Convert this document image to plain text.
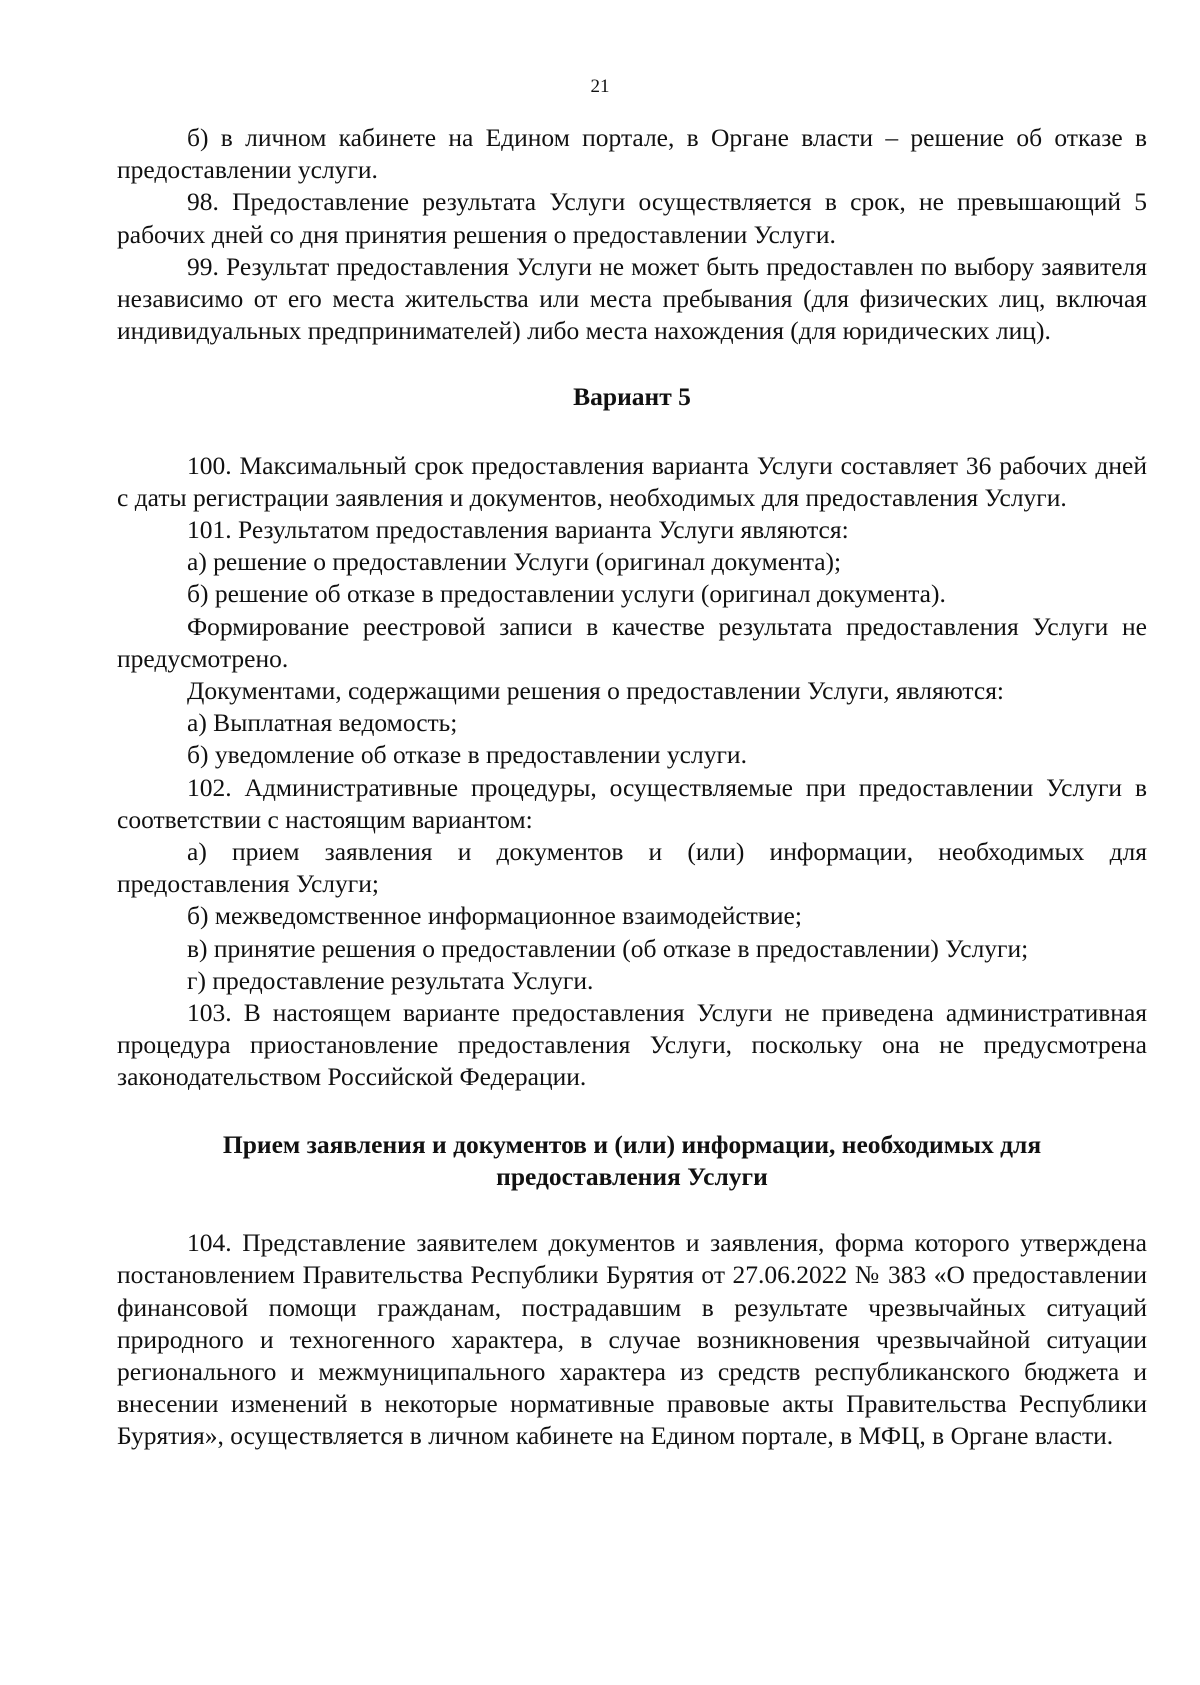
21

б) в личном кабинете на Едином портале, в Органе власти – решение об отказе в предоставлении услуги.

98. Предоставление результата Услуги осуществляется в срок, не превышающий 5 рабочих дней со дня принятия решения о предоставлении Услуги.

99. Результат предоставления Услуги не может быть предоставлен по выбору заявителя независимо от его места жительства или места пребывания (для физических лиц, включая индивидуальных предпринимателей) либо места нахождения (для юридических лиц).

Вариант 5

100. Максимальный срок предоставления варианта Услуги составляет 36 рабочих дней с даты регистрации заявления и документов, необходимых для предоставления Услуги.

101. Результатом предоставления варианта Услуги являются:

а) решение о предоставлении Услуги (оригинал документа);

б) решение об отказе в предоставлении услуги (оригинал документа).

Формирование реестровой записи в качестве результата предоставления Услуги не предусмотрено.

Документами, содержащими решения о предоставлении Услуги, являются:

а) Выплатная ведомость;

б) уведомление об отказе в предоставлении услуги.

102. Административные процедуры, осуществляемые при предоставлении Услуги в соответствии с настоящим вариантом:

а) прием заявления и документов и (или) информации, необходимых для предоставления Услуги;

б) межведомственное информационное взаимодействие;

в) принятие решения о предоставлении (об отказе в предоставлении) Услуги;

г) предоставление результата Услуги.

103. В настоящем варианте предоставления Услуги не приведена административная процедура приостановление предоставления Услуги, поскольку она не предусмотрена законодательством Российской Федерации.

Прием заявления и документов и (или) информации, необходимых для предоставления Услуги

104. Представление заявителем документов и заявления, форма которого утверждена постановлением Правительства Республики Бурятия от 27.06.2022 № 383 «О предоставлении финансовой помощи гражданам, пострадавшим в результате чрезвычайных ситуаций природного и техногенного характера, в случае возникновения чрезвычайной ситуации регионального и межмуниципального характера из средств республиканского бюджета и внесении изменений в некоторые нормативные правовые акты Правительства Республики Бурятия», осуществляется в личном кабинете на Едином портале, в МФЦ, в Органе власти.
